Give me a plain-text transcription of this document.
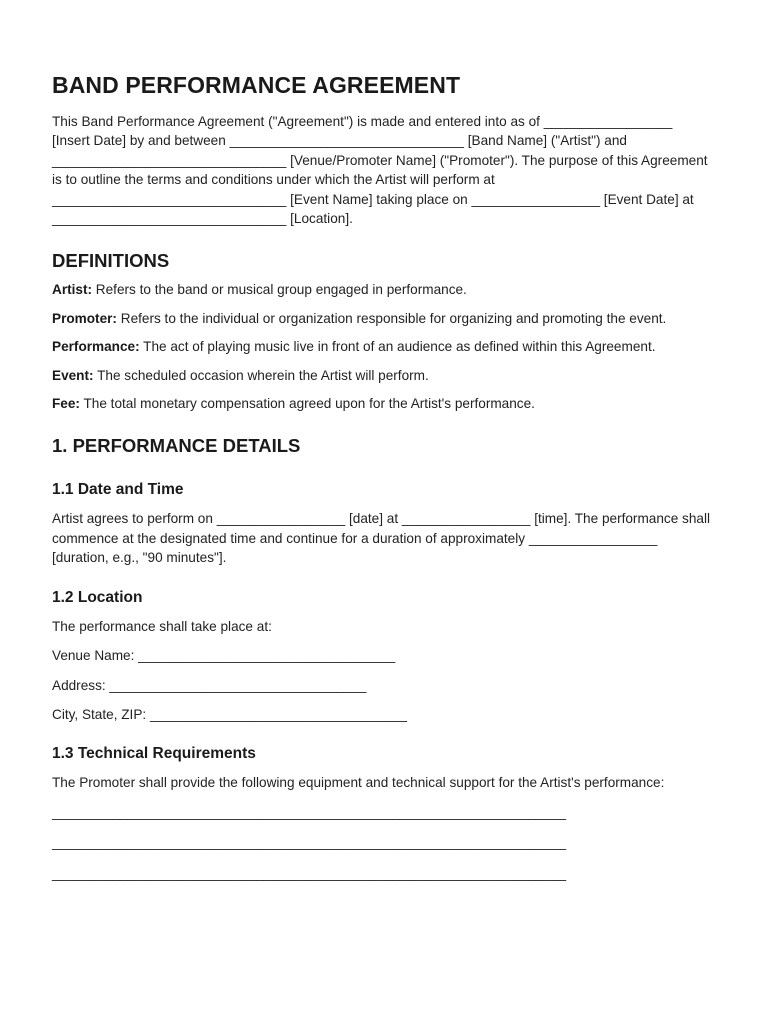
BAND PERFORMANCE AGREEMENT

This Band Performance Agreement ("Agreement") is made and entered into as of _________________ [Insert Date] by and between _______________________________ [Band Name] ("Artist") and _______________________________ [Venue/Promoter Name] ("Promoter"). The purpose of this Agreement is to outline the terms and conditions under which the Artist will perform at _______________________________ [Event Name] taking place on _________________ [Event Date] at _______________________________ [Location].

DEFINITIONS

Artist: Refers to the band or musical group engaged in performance.

Promoter: Refers to the individual or organization responsible for organizing and promoting the event.

Performance: The act of playing music live in front of an audience as defined within this Agreement.

Event: The scheduled occasion wherein the Artist will perform.

Fee: The total monetary compensation agreed upon for the Artist's performance.

1. PERFORMANCE DETAILS
1.1 Date and Time

Artist agrees to perform on _________________ [date] at _________________ [time]. The performance shall commence at the designated time and continue for a duration of approximately _________________ [duration, e.g., "90 minutes"].

1.2 Location

The performance shall take place at:

Venue Name: __________________________________

Address: __________________________________

City, State, ZIP: __________________________________

1.3 Technical Requirements

The Promoter shall provide the following equipment and technical support for the Artist's performance:

____________________________________________________________________

____________________________________________________________________

____________________________________________________________________
